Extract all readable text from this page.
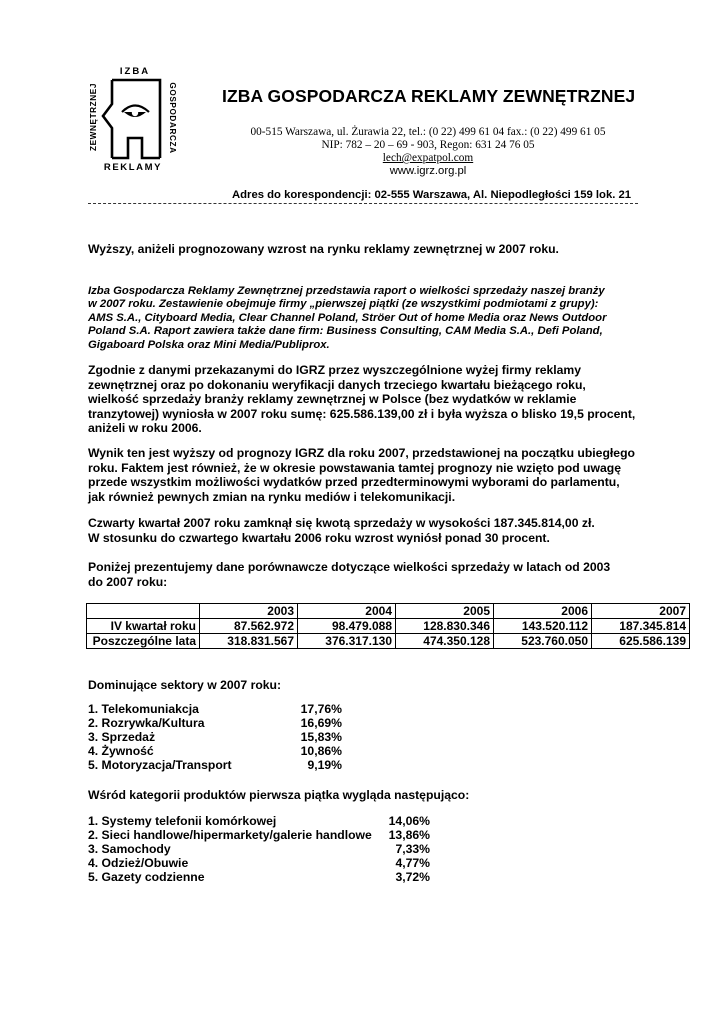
IZBA
REKLAMY
ZEWNĘTRZNEJ	GOSPODARCZA	IZBA GOSPODARCZA REKLAMY ZEWNĘTRZNEJ
00-515 Warszawa, ul. Żurawia 22, tel.: (0 22) 499 61 04 fax.: (0 22) 499 61 05
NIP: 782 – 20 – 69 - 903, Regon: 631 24 76 05
lech@expatpol.com
www.igrz.org.pl
Adres do korespondencji: 02-555 Warszawa, Al. Niepodległości 159 lok. 21
Wyższy, aniżeli prognozowany wzrost na rynku reklamy zewnętrznej w 2007 roku.
Izba Gospodarcza Reklamy Zewnętrznej przedstawia raport o wielkości sprzedaży naszej branży
w 2007 roku. Zestawienie obejmuje firmy „pierwszej piątki (ze wszystkimi podmiotami z grupy):
AMS S.A., Cityboard Media, Clear Channel Poland, Ströer Out of home Media oraz News Outdoor
Poland S.A. Raport zawiera także dane firm: Business Consulting, CAM Media S.A., Defi Poland,
Gigaboard Polska oraz Mini Media/Publiprox.
Zgodnie z danymi przekazanymi do IGRZ przez wyszczególnione wyżej firmy reklamy
zewnętrznej oraz po dokonaniu weryfikacji danych trzeciego kwartału bieżącego roku,
wielkość sprzedaży branży reklamy zewnętrznej w Polsce (bez wydatków w reklamie
tranzytowej) wyniosła w 2007 roku sumę: 625.586.139,00 zł i była wyższa o blisko 19,5 procent,
aniżeli w roku 2006.
Wynik ten jest wyższy od prognozy IGRZ dla roku 2007, przedstawionej na początku ubiegłego
roku. Faktem jest również, że w okresie powstawania tamtej prognozy nie wzięto pod uwagę
przede wszystkim możliwości wydatków przed przedterminowymi wyborami do parlamentu,
jak również pewnych zmian na rynku mediów i telekomunikacji.
Czwarty kwartał 2007 roku zamknął się kwotą sprzedaży w wysokości 187.345.814,00 zł.
W stosunku do czwartego kwartału 2006 roku wzrost wyniósł ponad 30 procent.
Poniżej prezentujemy dane porównawcze dotyczące wielkości sprzedaży w latach od 2003
do 2007 roku:
	2003	2004	2005	2006	2007
IV kwartał roku	87.562.972	98.479.088	128.830.346	143.520.112	187.345.814
Poszczególne lata	318.831.567	376.317.130	474.350.128	523.760.050	625.586.139
Dominujące sektory w 2007 roku:
1. Telekomuniakcja	17,76%
2. Rozrywka/Kultura	16,69%
3. Sprzedaż	15,83%
4. Żywność	10,86%
5. Motoryzacja/Transport	9,19%
Wśród kategorii produktów pierwsza piątka wygląda następująco:
1. Systemy telefonii komórkowej	14,06%
2. Sieci handlowe/hipermarkety/galerie handlowe 13,86%
3. Samochody	7,33%
4. Odzież/Obuwie	4,77%
5. Gazety codzienne	3,72%
